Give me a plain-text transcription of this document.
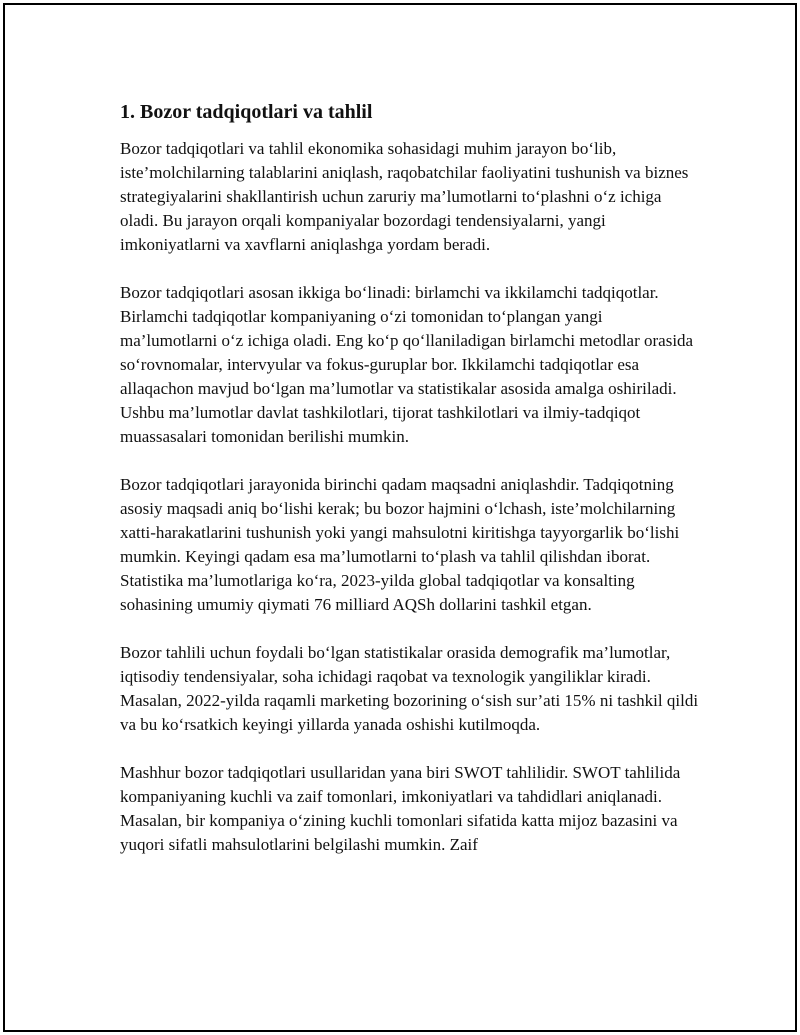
1. Bozor tadqiqotlari va tahlil

Bozor tadqiqotlari va tahlil ekonomika sohasidagi muhim jarayon bo‘lib, iste’molchilarning talablarini aniqlash, raqobatchilar faoliyatini tushunish va biznes strategiyalarini shakllantirish uchun zaruriy ma’lumotlarni to‘plashni o‘z ichiga oladi. Bu jarayon orqali kompaniyalar bozordagi tendensiyalarni, yangi imkoniyatlarni va xavflarni aniqlashga yordam beradi.

Bozor tadqiqotlari asosan ikkiga bo‘linadi: birlamchi va ikkilamchi tadqiqotlar. Birlamchi tadqiqotlar kompaniyaning o‘zi tomonidan to‘plangan yangi ma’lumotlarni o‘z ichiga oladi. Eng ko‘p qo‘llaniladigan birlamchi metodlar orasida so‘rovnomalar, intervyular va fokus-guruplar bor. Ikkilamchi tadqiqotlar esa allaqachon mavjud bo‘lgan ma’lumotlar va statistikalar asosida amalga oshiriladi. Ushbu ma’lumotlar davlat tashkilotlari, tijorat tashkilotlari va ilmiy-tadqiqot muassasalari tomonidan berilishi mumkin.

Bozor tadqiqotlari jarayonida birinchi qadam maqsadni aniqlashdir. Tadqiqotning asosiy maqsadi aniq bo‘lishi kerak; bu bozor hajmini o‘lchash, iste’molchilarning xatti-harakatlarini tushunish yoki yangi mahsulotni kiritishga tayyorgarlik bo‘lishi mumkin. Keyingi qadam esa ma’lumotlarni to‘plash va tahlil qilishdan iborat. Statistika ma’lumotlariga ko‘ra, 2023-yilda global tadqiqotlar va konsalting sohasining umumiy qiymati 76 milliard AQSh dollarini tashkil etgan.

Bozor tahlili uchun foydali bo‘lgan statistikalar orasida demografik ma’lumotlar, iqtisodiy tendensiyalar, soha ichidagi raqobat va texnologik yangiliklar kiradi. Masalan, 2022-yilda raqamli marketing bozorining o‘sish sur’ati 15% ni tashkil qildi va bu ko‘rsatkich keyingi yillarda yanada oshishi kutilmoqda.

Mashhur bozor tadqiqotlari usullaridan yana biri SWOT tahlilidir. SWOT tahlilida kompaniyaning kuchli va zaif tomonlari, imkoniyatlari va tahdidlari aniqlanadi. Masalan, bir kompaniya o‘zining kuchli tomonlari sifatida katta mijoz bazasini va yuqori sifatli mahsulotlarini belgilashi mumkin. Zaif
